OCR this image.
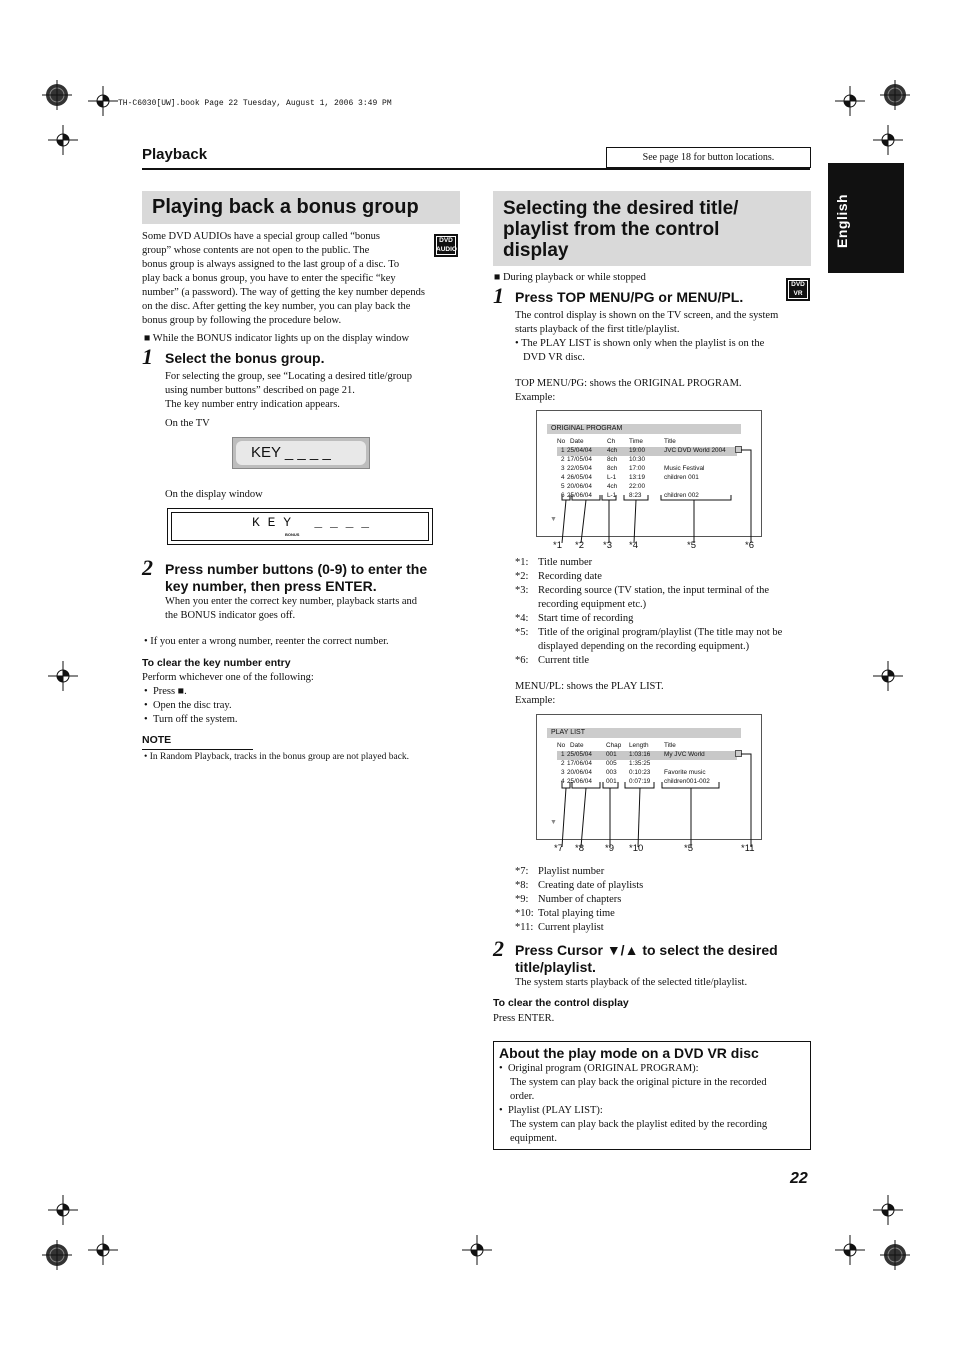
TH-C6030[UW].book Page 22 Tuesday, August 1, 2006 3:49 PM
Playback	See page 18 for button locations.
English
Playing back a bonus group
DVD
AUDIO
Some DVD AUDIOs have a special group called “bonus
group” whose contents are not open to the public. The
bonus group is always assigned to the last group of a disc. To
play back a bonus group, you have to enter the specific “key
number” (a password). The way of getting the key number depends
on the disc. After getting the key number, you can play back the
bonus group by following the procedure below.
■ While the BONUS indicator lights up on the display window
1 Select the bonus group.
For selecting the group, see “Locating a desired title/group
using number buttons” described on page 21.
The key number entry indication appears.
On the TV
KEY _ _ _ _
On the display window
K E Y   _ _ _ _
BONUS
2 Press number buttons (0-9) to enter the
key number, then press ENTER.
When you enter the correct key number, playback starts and
the BONUS indicator goes off.
• If you enter a wrong number, reenter the correct number.
To clear the key number entry
Perform whichever one of the following:
•  Press ■.
•  Open the disc tray.
•  Turn off the system.
NOTE
• In Random Playback, tracks in the bonus group are not played back.
Selecting the desired title/
playlist from the control
display
■ During playback or while stopped
DVD
VR
1 Press TOP MENU/PG or MENU/PL.
The control display is shown on the TV screen, and the system
starts playback of the first title/playlist.
• The PLAY LIST is shown only when the playlist is on the
DVD VR disc.
TOP MENU/PG: shows the ORIGINAL PROGRAM.
Example:
ORIGINAL PROGRAM
No Date	Ch Time	Title
1 25/04/04 4ch 19:00	JVC DVD World 2004
2 17/05/04 8ch 10:30
3 22/05/04 8ch 17:00	Music Festival
4 26/05/04 L-1 13:19	children 001
5 20/06/04 4ch 22:00
6 25/06/04 L-1 8:23	children 002
▼
*1 *2 *3 *4	*5	*6
*1: Title number
*2: Recording date
*3: Recording source (TV station, the input terminal of the
recording equipment etc.)
*4: Start time of recording
*5: Title of the original program/playlist (The title may not be
displayed depending on the recording equipment.)
*6: Current title
MENU/PL: shows the PLAY LIST.
Example:
PLAY LIST
No Date	Chap Length Title
1 25/05/04 001 1:03:16 My JVC World
2 17/06/04 005 1:35:25
3 20/06/04 003 0:10:23 Favorite music
4 25/06/04 001 0:07:19 children001-002
▼
*7 *8 *9 *10	*5	*11
*7: Playlist number
*8: Creating date of playlists
*9: Number of chapters
*10: Total playing time
*11: Current playlist
2 Press Cursor ▼/▲ to select the desired
title/playlist.
The system starts playback of the selected title/playlist.
To clear the control display
Press ENTER.
About the play mode on a DVD VR disc
•  Original program (ORIGINAL PROGRAM):
The system can play back the original picture in the recorded
order.
•  Playlist (PLAY LIST):
The system can play back the playlist edited by the recording
equipment.
22
